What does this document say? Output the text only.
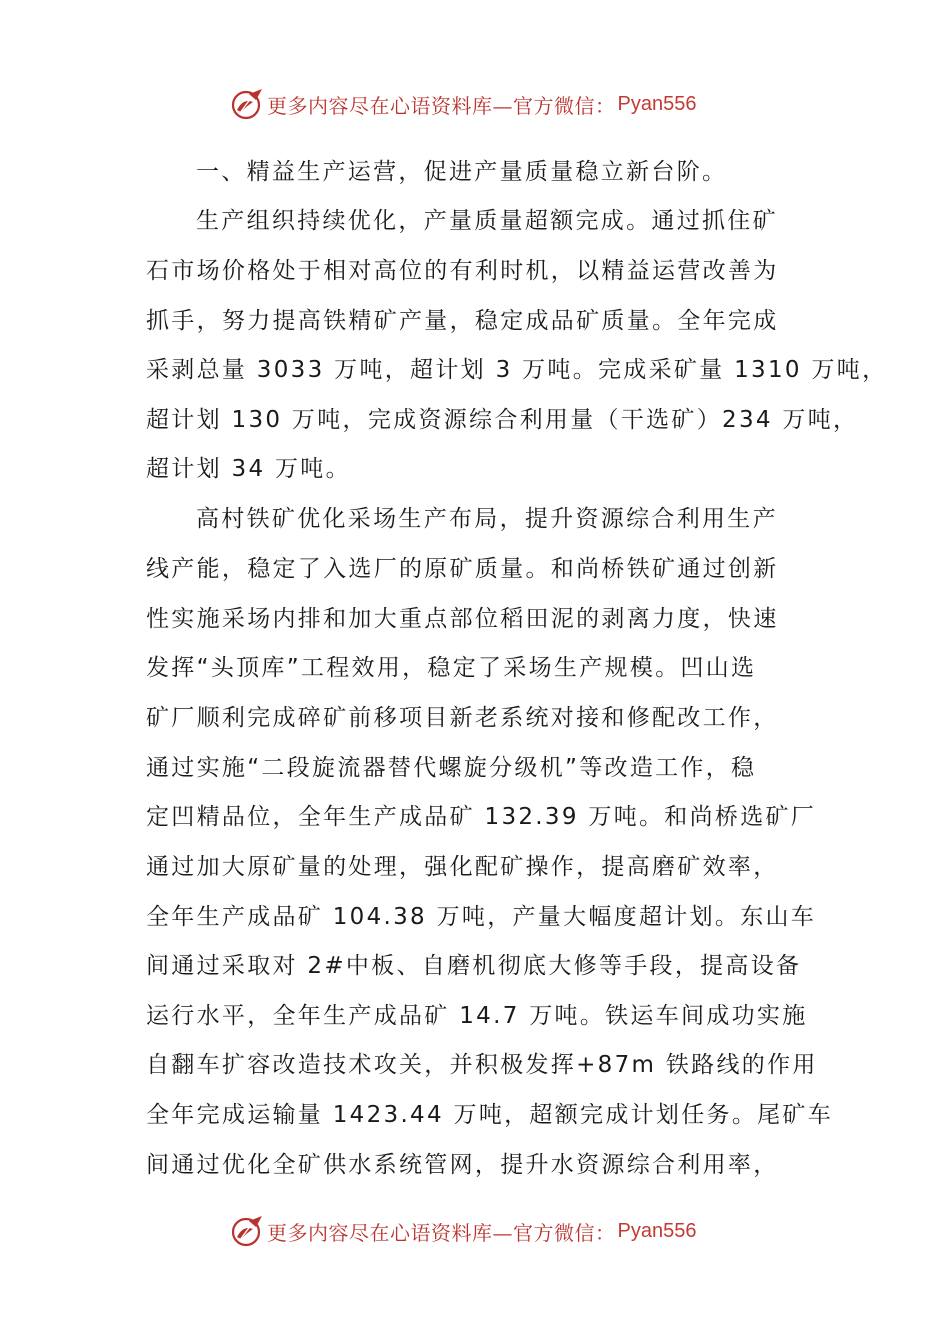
更多内容尽在心语资料库—官方微信： Pyan556
一、精益生产运营，促进产量质量稳立新台阶。
生产组织持续优化，产量质量超额完成。通过抓住矿
石市场价格处于相对高位的有利时机，以精益运营改善为
抓手，努力提高铁精矿产量，稳定成品矿质量。全年完成
采剥总量 3033 万吨，超计划 3 万吨。完成采矿量 1310 万吨，
超计划 130 万吨，完成资源综合利用量（干选矿）234 万吨，
超计划 34 万吨。
高村铁矿优化采场生产布局，提升资源综合利用生产
线产能，稳定了入选厂的原矿质量。和尚桥铁矿通过创新
性实施采场内排和加大重点部位稻田泥的剥离力度，快速
发挥“头顶库”工程效用，稳定了采场生产规模。凹山选
矿厂顺利完成碎矿前移项目新老系统对接和修配改工作，
通过实施“二段旋流器替代螺旋分级机”等改造工作，稳
定凹精品位，全年生产成品矿 132.39 万吨。和尚桥选矿厂
通过加大原矿量的处理，强化配矿操作，提高磨矿效率，
全年生产成品矿 104.38 万吨，产量大幅度超计划。东山车
间通过采取对 2#中板、自磨机彻底大修等手段，提高设备
运行水平，全年生产成品矿 14.7 万吨。铁运车间成功实施
自翻车扩容改造技术攻关，并积极发挥+87m 铁路线的作用
全年完成运输量 1423.44 万吨，超额完成计划任务。尾矿车
间通过优化全矿供水系统管网，提升水资源综合利用率，
更多内容尽在心语资料库—官方微信： Pyan556
